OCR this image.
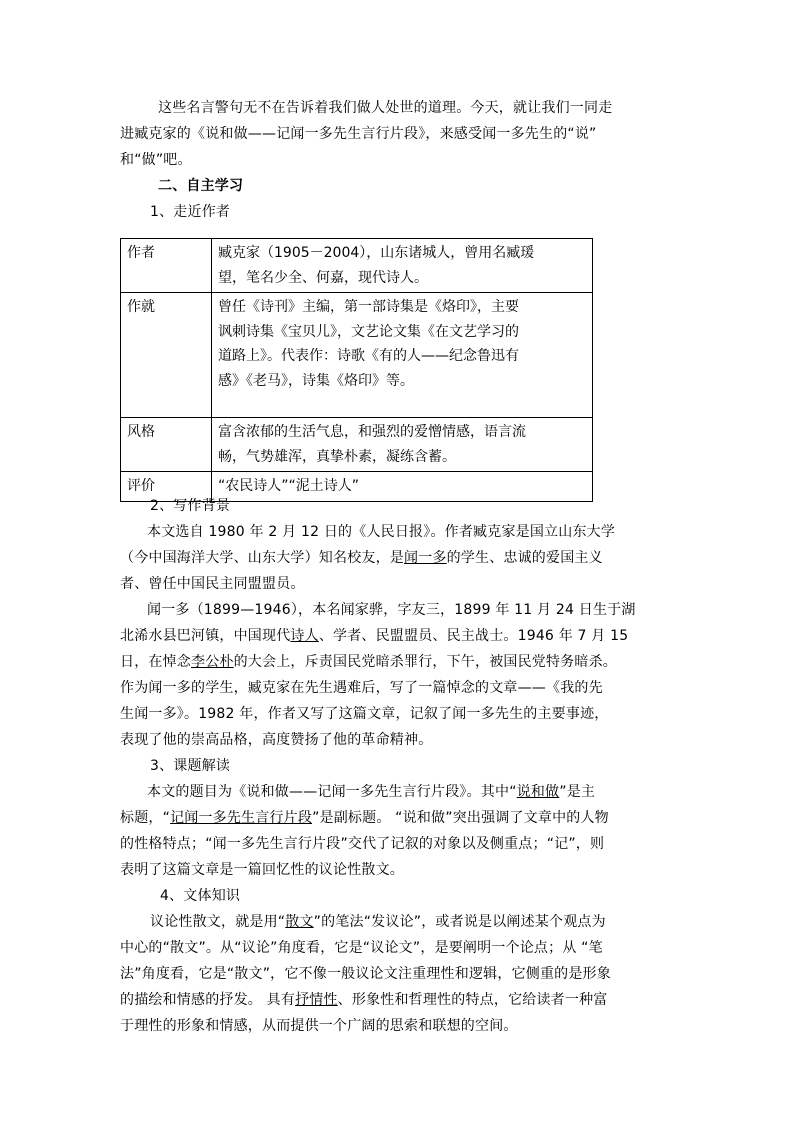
这些名言警句无不在告诉着我们做人处世的道理。今天，就让我们一同走
进臧克家的《说和做——记闻一多先生言行片段》，来感受闻一多先生的“说”
和“做”吧。
二、自主学习
1、走近作者
作者	臧克家（1905－2004），山东诸城人，曾用名臧瑗
望，笔名少全、何嘉，现代诗人。

作就	曾任《诗刊》主编，第一部诗集是《烙印》，主要
讽刺诗集《宝贝儿》，文艺论文集《在文艺学习的
道路上》。代表作：诗歌《有的人——纪念鲁迅有
感》《老马》，诗集《烙印》等。

风格	富含浓郁的生活气息，和强烈的爱憎情感，语言流
畅，气势雄浑，真挚朴素，凝练含蓄。

评价	“农民诗人”“泥土诗人”
2、写作背景
本文选自 1980 年 2 月 12 日的《人民日报》。作者臧克家是国立山东大学
（今中国海洋大学、山东大学）知名校友，是闻一多的学生、忠诚的爱国主义
者、曾任中国民主同盟盟员。
闻一多（1899—1946），本名闻家骅，字友三，1899 年 11 月 24 日生于湖
北浠水县巴河镇，中国现代诗人、学者、民盟盟员、民主战士。1946 年 7 月 15
日，在悼念李公朴的大会上，斥责国民党暗杀罪行，下午，被国民党特务暗杀。
作为闻一多的学生，臧克家在先生遇难后，写了一篇悼念的文章——《我的先
生闻一多》。1982 年，作者又写了这篇文章，记叙了闻一多先生的主要事迹，
表现了他的崇高品格，高度赞扬了他的革命精神。
3、课题解读
本文的题目为《说和做——记闻一多先生言行片段》。其中“说和做”是主
标题，“记闻一多先生言行片段”是副标题。 “说和做”突出强调了文章中的人物
的性格特点；“闻一多先生言行片段”交代了记叙的对象以及侧重点；“记”，则
表明了这篇文章是一篇回忆性的议论性散文。
4、文体知识
议论性散文，就是用“散文”的笔法“发议论”，或者说是以阐述某个观点为
中心的“散文”。从“议论”角度看，它是“议论文”，是要阐明一个论点；从 “笔
法”角度看，它是“散文”，它不像一般议论文注重理性和逻辑，它侧重的是形象
的描绘和情感的抒发。 具有抒情性、形象性和哲理性的特点，它给读者一种富
于理性的形象和情感，从而提供一个广阔的思索和联想的空间。
